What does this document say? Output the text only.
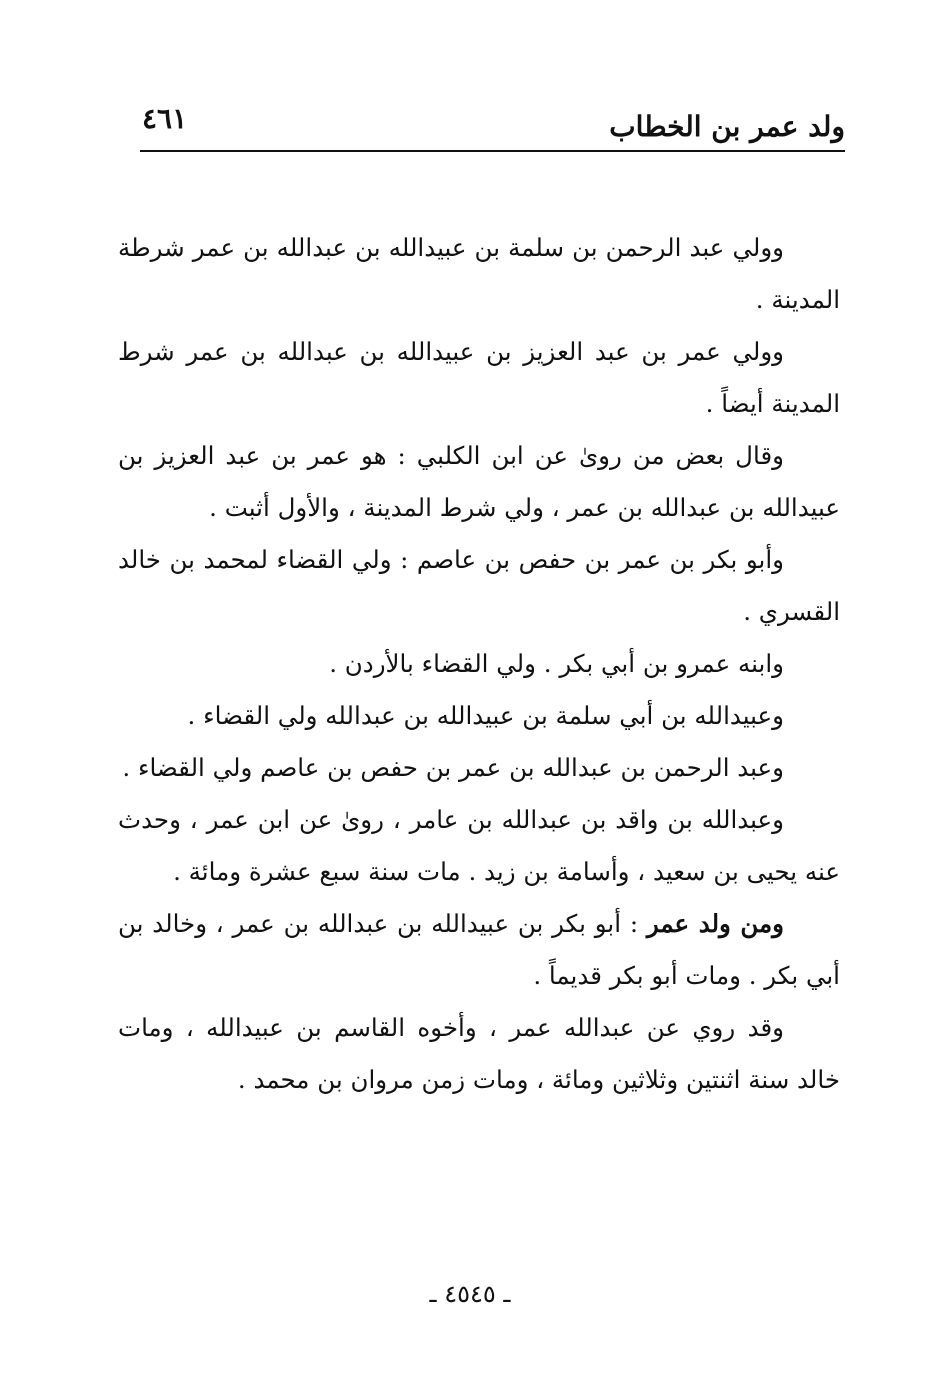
ولد عمر بن الخطاب
٤٦١

وولي عبد الرحمن بن سلمة بن عبيدالله بن عبدالله بن عمر شرطة المدينة .

وولي عمر بن عبد العزيز بن عبيدالله بن عبدالله بن عمر شرط المدينة أيضاً .

وقال بعض من روىٰ عن ابن الكلبي : هو عمر بن عبد العزيز بن عبيدالله بن عبدالله بن عمر ، ولي شرط المدينة ، والأول أثبت .

وأبو بكر بن عمر بن حفص بن عاصم : ولي القضاء لمحمد بن خالد القسري .

وابنه عمرو بن أبي بكر . ولي القضاء بالأردن .

وعبيدالله بن أبي سلمة بن عبيدالله بن عبدالله ولي القضاء .

وعبد الرحمن بن عبدالله بن عمر بن حفص بن عاصم ولي القضاء .

وعبدالله بن واقد بن عبدالله بن عامر ، روىٰ عن ابن عمر ، وحدث عنه يحيى بن سعيد ، وأسامة بن زيد . مات سنة سبع عشرة ومائة .

ومن ولد عمر : أبو بكر بن عبيدالله بن عبدالله بن عمر ، وخالد بن أبي بكر . ومات أبو بكر قديماً .

وقد روي عن عبدالله عمر ، وأخوه القاسم بن عبيدالله ، ومات خالد سنة اثنتين وثلاثين ومائة ، ومات زمن مروان بن محمد .

ـ ٤٥٤٥ ـ
